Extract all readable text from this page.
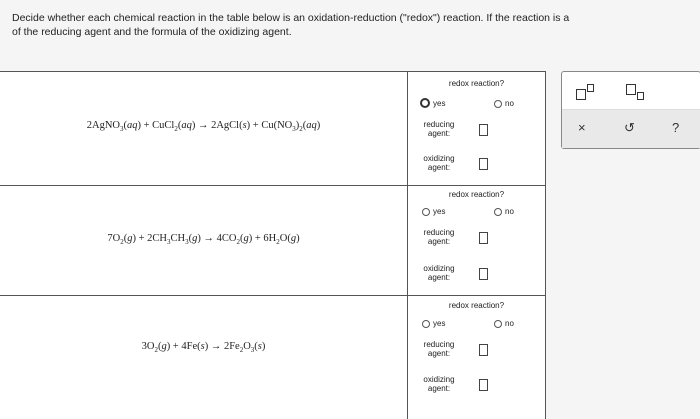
Decide whether each chemical reaction in the table below is an oxidation-reduction ("redox") reaction. If the reaction is a
of the reducing agent and the formula of the oxidizing agent.
2AgNO$_3$(aq) + CuCl$_2$(aq) → 2AgCl(s) + $Cu(NO_3)_2(aq)$
redox reaction?
yes	no
reducing
agent:
oxidizing
agent:
$7O_2(g) + 2CH_3CH_3(g) \to 4CO_2(g) + 6H_2O(g)$
redox reaction?
yes	no
reducing
agent:
oxidizing
agent:
$3O_2(g) + 4Fe(s) \to 2Fe_2O_3(s)$
redox reaction?
yes	no
reducing
agent:
oxidizing
agent:
×	↺	?
